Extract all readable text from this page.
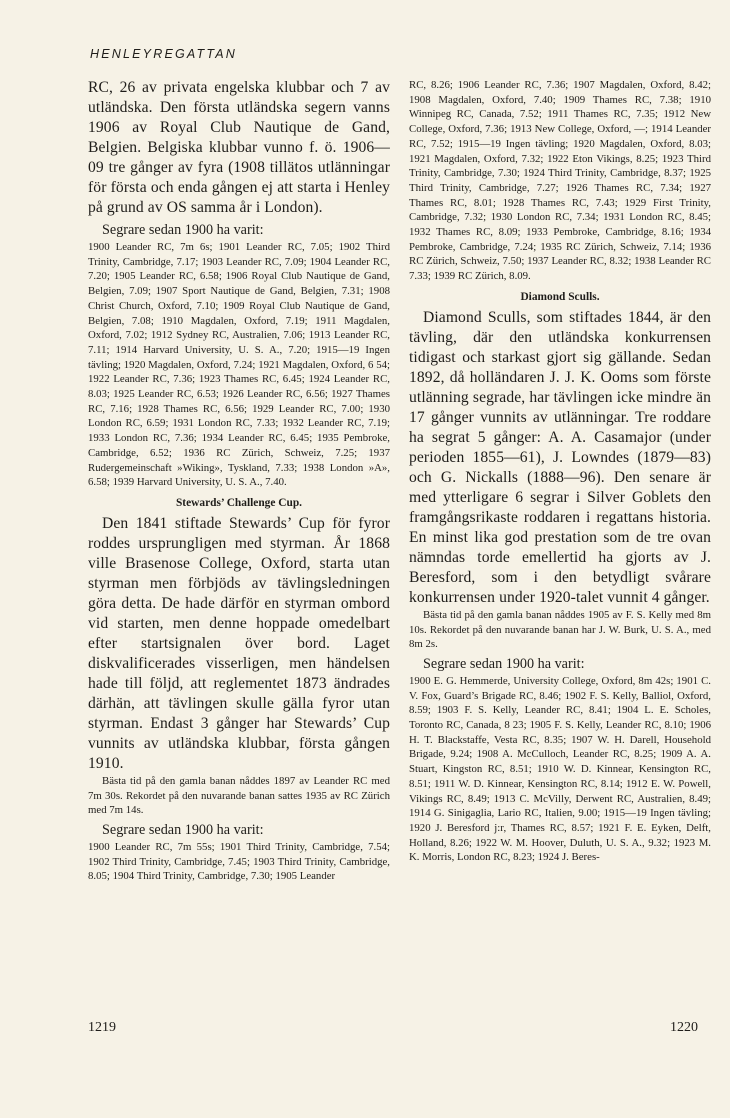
HENLEYREGATTAN

RC, 26 av privata engelska klubbar och 7 av utländska. Den första utländska segern vanns 1906 av Royal Club Nautique de Gand, Belgien. Belgiska klubbar vunno f. ö. 1906—09 tre gånger av fyra (1908 tillätos utlänningar för första och enda gången ej att starta i Henley på grund av OS samma år i London).

Segrare sedan 1900 ha varit:

1900 Leander RC, 7m 6s; 1901 Leander RC, 7.05; 1902 Third Trinity, Cambridge, 7.17; 1903 Leander RC, 7.09; 1904 Leander RC, 7.20; 1905 Leander RC, 6.58; 1906 Royal Club Nautique de Gand, Belgien, 7.09; 1907 Sport Nautique de Gand, Belgien, 7.31; 1908 Christ Church, Oxford, 7.10; 1909 Royal Club Nautique de Gand, Belgien, 7.08; 1910 Magdalen, Oxford, 7.19; 1911 Magdalen, Oxford, 7.02; 1912 Sydney RC, Australien, 7.06; 1913 Leander RC, 7.11; 1914 Harvard University, U. S. A., 7.20; 1915—19 Ingen tävling; 1920 Magdalen, Oxford, 7.24; 1921 Magdalen, Oxford, 6 54; 1922 Leander RC, 7.36; 1923 Thames RC, 6.45; 1924 Leander RC, 8.03; 1925 Leander RC, 6.53; 1926 Leander RC, 6.56; 1927 Thames RC, 7.16; 1928 Thames RC, 6.56; 1929 Leander RC, 7.00; 1930 London RC, 6.59; 1931 London RC, 7.33; 1932 Leander RC, 7.19; 1933 London RC, 7.36; 1934 Leander RC, 6.45; 1935 Pembroke, Cambridge, 6.52; 1936 RC Zürich, Schweiz, 7.25; 1937 Rudergemeinschaft »Wiking», Tyskland, 7.33; 1938 London »A», 6.58; 1939 Harvard University, U. S. A., 7.40.

Stewards’ Challenge Cup.

Den 1841 stiftade Stewards’ Cup för fyror roddes ursprungligen med styrman. År 1868 ville Brasenose College, Oxford, starta utan styrman men förbjöds av tävlingsledningen göra detta. De hade därför en styrman ombord vid starten, men denne hoppade omedelbart efter startsignalen över bord. Laget diskvalificerades visserligen, men händelsen hade till följd, att reglementet 1873 ändrades därhän, att tävlingen skulle gälla fyror utan styrman. Endast 3 gånger har Stewards’ Cup vunnits av utländska klubbar, första gången 1910.

Bästa tid på den gamla banan nåddes 1897 av Leander RC med 7m 30s. Rekordet på den nuvarande banan sattes 1935 av RC Zürich med 7m 14s.

Segrare sedan 1900 ha varit:

1900 Leander RC, 7m 55s; 1901 Third Trinity, Cambridge, 7.54; 1902 Third Trinity, Cambridge, 7.45; 1903 Third Trinity, Cambridge, 8.05; 1904 Third Trinity, Cambridge, 7.30; 1905 Leander

RC, 8.26; 1906 Leander RC, 7.36; 1907 Magdalen, Oxford, 8.42; 1908 Magdalen, Oxford, 7.40; 1909 Thames RC, 7.38; 1910 Winnipeg RC, Canada, 7.52; 1911 Thames RC, 7.35; 1912 New College, Oxford, 7.36; 1913 New College, Oxford, —; 1914 Leander RC, 7.52; 1915—19 Ingen tävling; 1920 Magdalen, Oxford, 8.03; 1921 Magdalen, Oxford, 7.32; 1922 Eton Vikings, 8.25; 1923 Third Trinity, Cambridge, 7.30; 1924 Third Trinity, Cambridge, 8.37; 1925 Third Trinity, Cambridge, 7.27; 1926 Thames RC, 7.34; 1927 Thames RC, 8.01; 1928 Thames RC, 7.43; 1929 First Trinity, Cambridge, 7.32; 1930 London RC, 7.34; 1931 London RC, 8.45; 1932 Thames RC, 8.09; 1933 Pembroke, Cambridge, 8.16; 1934 Pembroke, Cambridge, 7.24; 1935 RC Zürich, Schweiz, 7.14; 1936 RC Zürich, Schweiz, 7.50; 1937 Leander RC, 8.32; 1938 Leander RC 7.33; 1939 RC Zürich, 8.09.

Diamond Sculls.

Diamond Sculls, som stiftades 1844, är den tävling, där den utländska konkurrensen tidigast och starkast gjort sig gällande. Sedan 1892, då holländaren J. J. K. Ooms som förste utlänning segrade, har tävlingen icke mindre än 17 gånger vunnits av utlänningar. Tre roddare ha segrat 5 gånger: A. A. Casamajor (under perioden 1855—61), J. Lowndes (1879—83) och G. Nickalls (1888—96). Den senare är med ytterligare 6 segrar i Silver Goblets den framgångsrikaste roddaren i regattans historia. En minst lika god prestation som de tre ovan nämndas torde emellertid ha gjorts av J. Beresford, som i den betydligt svårare konkurrensen under 1920-talet vunnit 4 gånger.

Bästa tid på den gamla banan nåddes 1905 av F. S. Kelly med 8m 10s. Rekordet på den nuvarande banan har J. W. Burk, U. S. A., med 8m 2s.

Segrare sedan 1900 ha varit:

1900 E. G. Hemmerde, University College, Oxford, 8m 42s; 1901 C. V. Fox, Guard’s Brigade RC, 8.46; 1902 F. S. Kelly, Balliol, Oxford, 8.59; 1903 F. S. Kelly, Leander RC, 8.41; 1904 L. E. Scholes, Toronto RC, Canada, 8 23; 1905 F. S. Kelly, Leander RC, 8.10; 1906 H. T. Blackstaffe, Vesta RC, 8.35; 1907 W. H. Darell, Household Brigade, 9.24; 1908 A. McCulloch, Leander RC, 8.25; 1909 A. A. Stuart, Kingston RC, 8.51; 1910 W. D. Kinnear, Kensington RC, 8.51; 1911 W. D. Kinnear, Kensington RC, 8.14; 1912 E. W. Powell, Vikings RC, 8.49; 1913 C. McVilly, Derwent RC, Australien, 8.49; 1914 G. Sinigaglia, Lario RC, Italien, 9.00; 1915—19 Ingen tävling; 1920 J. Beresford j:r, Thames RC, 8.57; 1921 F. E. Eyken, Delft, Holland, 8.26; 1922 W. M. Hoover, Duluth, U. S. A., 9.32; 1923 M. K. Morris, London RC, 8.23; 1924 J. Beres-

1219	1220
